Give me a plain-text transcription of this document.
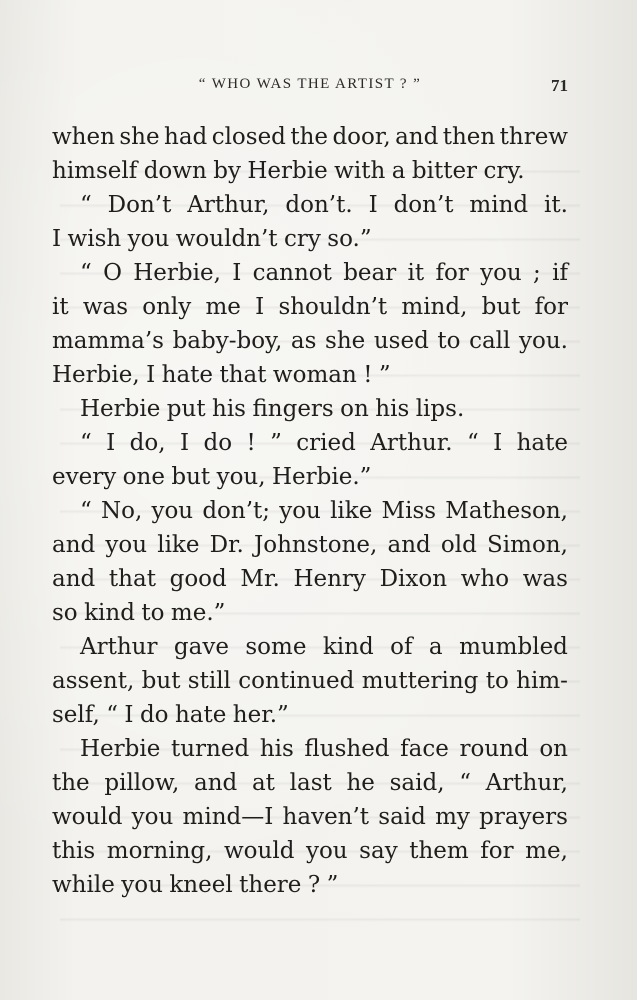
“ WHO WAS THE ARTIST ? ”	71
when she had closed the door, and then threw
himself down by Herbie with a bitter cry.
“ Don’t Arthur, don’t. I don’t mind it.
I wish you wouldn’t cry so.”
“ O Herbie, I cannot bear it for you ; if
it was only me I shouldn’t mind, but for
mamma’s baby-boy, as she used to call you.
Herbie, I hate that woman ! ”
Herbie put his fingers on his lips.
“ I do, I do ! ” cried Arthur. “ I hate
every one but you, Herbie.”
“ No, you don’t; you like Miss Matheson,
and you like Dr. Johnstone, and old Simon,
and that good Mr. Henry Dixon who was
so kind to me.”
Arthur gave some kind of a mumbled
assent, but still continued muttering to him-
self, “ I do hate her.”
Herbie turned his flushed face round on
the pillow, and at last he said, “ Arthur,
would you mind—I haven’t said my prayers
this morning, would you say them for me,
while you kneel there ? ”
